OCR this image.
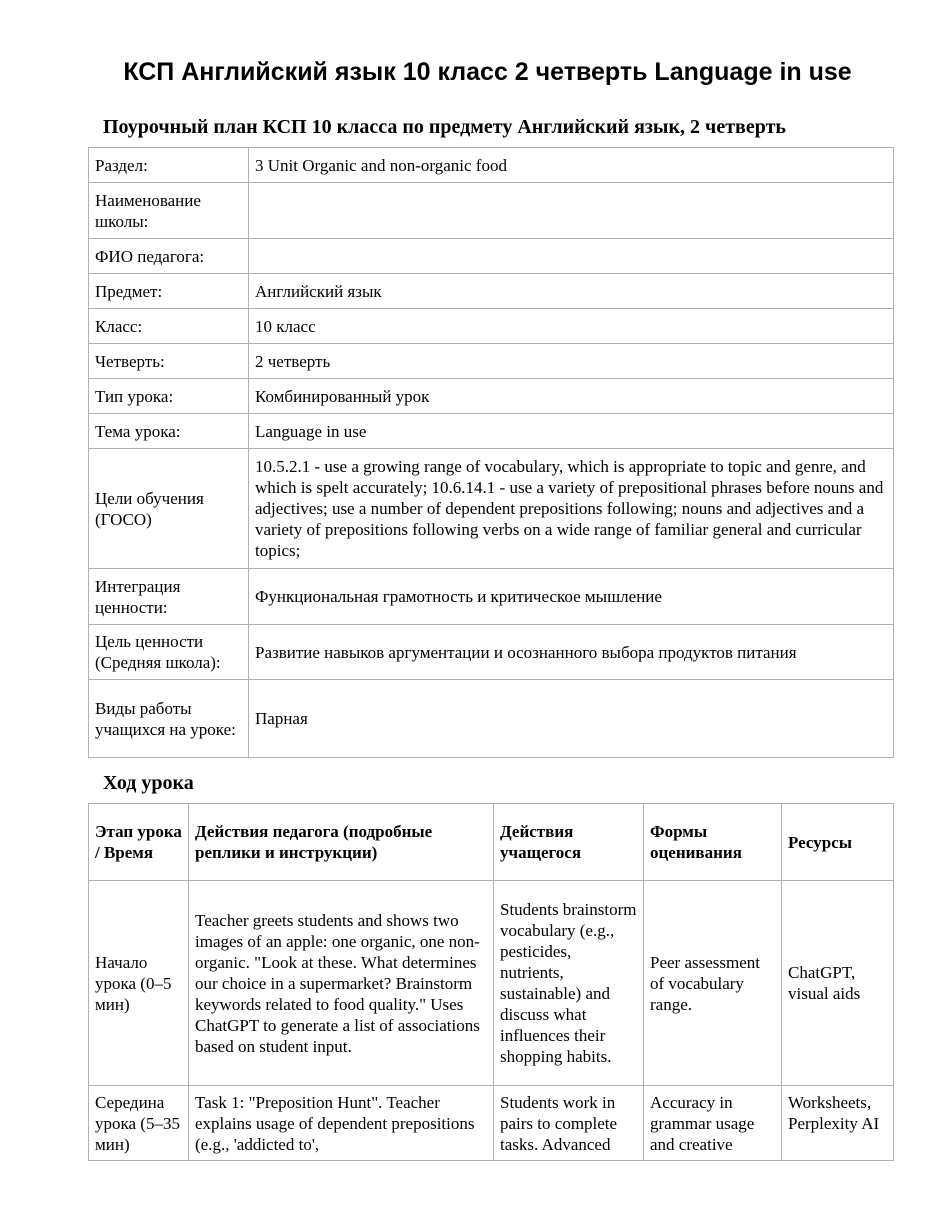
КСП Английский язык 10 класс 2 четверть Language in use
Поурочный план КСП 10 класса по предмету Английский язык, 2 четверть
Раздел:	3 Unit Organic and non-organic food
Наименование школы:	
ФИО педагога:	
Предмет:	Английский язык
Класс:	10 класс
Четверть:	2 четверть
Тип урока:	Комбинированный урок
Тема урока:	Language in use
Цели обучения (ГОСО)	10.5.2.1 - use a growing range of vocabulary, which is appropriate to topic and genre, and which is spelt accurately; 10.6.14.1 - use a variety of prepositional phrases before nouns and adjectives; use a number of dependent prepositions following; nouns and adjectives and a variety of prepositions following verbs on a wide range of familiar general and curricular topics;
Интеграция ценности:	Функциональная грамотность и критическое мышление
Цель ценности (Средняя школа):	Развитие навыков аргументации и осознанного выбора продуктов питания
Виды работы учащихся на уроке:	Парная
Ход урока
Этап урока / Время	Действия педагога (подробные реплики и инструкции)	Действия учащегося	Формы оценивания	Ресурсы
Начало урока (0–5 мин)	Teacher greets students and shows two images of an apple: one organic, one non-organic. "Look at these. What determines our choice in a supermarket? Brainstorm keywords related to food quality." Uses ChatGPT to generate a list of associations based on student input.	Students brainstorm vocabulary (e.g., pesticides, nutrients, sustainable) and discuss what influences their shopping habits.	Peer assessment of vocabulary range.	ChatGPT, visual aids
Середина урока (5–35 мин)	Task 1: "Preposition Hunt". Teacher explains usage of dependent prepositions (e.g., 'addicted to',	Students work in pairs to complete tasks. Advanced	Accuracy in grammar usage and creative	Worksheets, Perplexity AI
